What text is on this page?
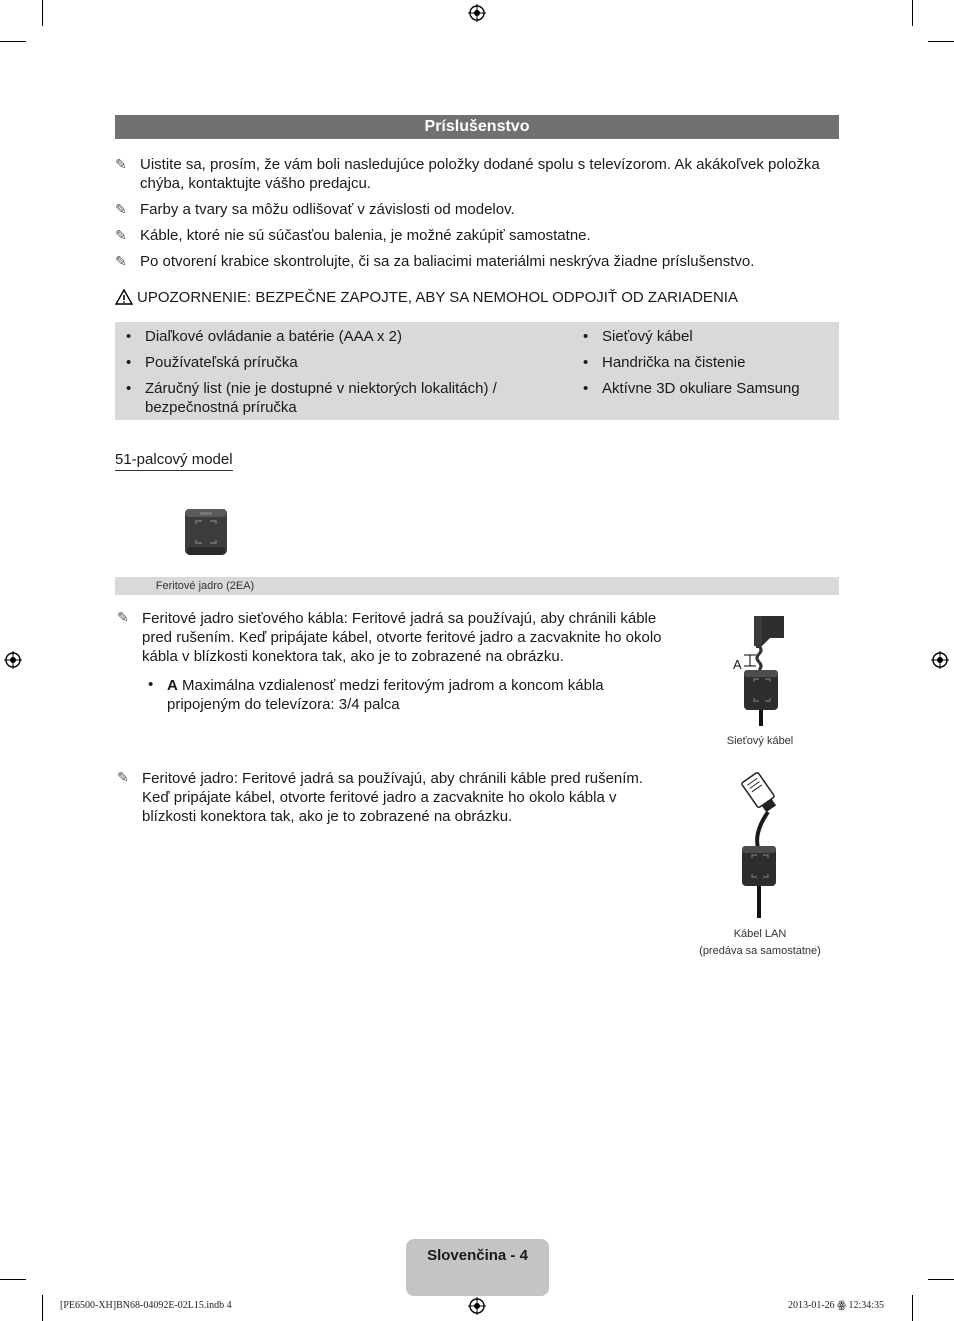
Príslušenstvo
✎ Uistite sa, prosím, že vám boli nasledujúce položky dodané spolu s televízorom. Ak akákoľvek položka chýba, kontaktujte vášho predajcu.
✎ Farby a tvary sa môžu odlišovať v závislosti od modelov.
✎ Káble, ktoré nie sú súčasťou balenia, je možné zakúpiť samostatne.
✎ Po otvorení krabice skontrolujte, či sa za baliacimi materiálmi neskrýva žiadne príslušenstvo.
UPOZORNENIE: BEZPEČNE ZAPOJTE, ABY SA NEMOHOL ODPOJIŤ OD ZARIADENIA
• Diaľkové ovládanie a batérie (AAA x 2)
• Používateľská príručka
• Záručný list (nie je dostupné v niektorých lokalitách) / bezpečnostná príručka
• Sieťový kábel
• Handrička na čistenie
• Aktívne 3D okuliare Samsung
51-palcový model
Feritové jadro (2EA)
✎ Feritové jadro sieťového kábla: Feritové jadrá sa používajú, aby chránili káble pred rušením. Keď pripájate kábel, otvorte feritové jadro a zacvaknite ho okolo kábla v blízkosti konektora tak, ako je to zobrazené na obrázku.
• A Maximálna vzdialenosť medzi feritovým jadrom a koncom kábla pripojeným do televízora: 3/4 palca
A
Sieťový kábel
✎ Feritové jadro: Feritové jadrá sa používajú, aby chránili káble pred rušením. Keď pripájate kábel, otvorte feritové jadro a zacvaknite ho okolo kábla v blízkosti konektora tak, ako je to zobrazené na obrázku.
Kábel LAN
(predáva sa samostatne)
Slovenčina - 4
[PE6500-XH]BN68-04092E-02L15.indb 4	2013-01-26 ꙮ 12:34:35
